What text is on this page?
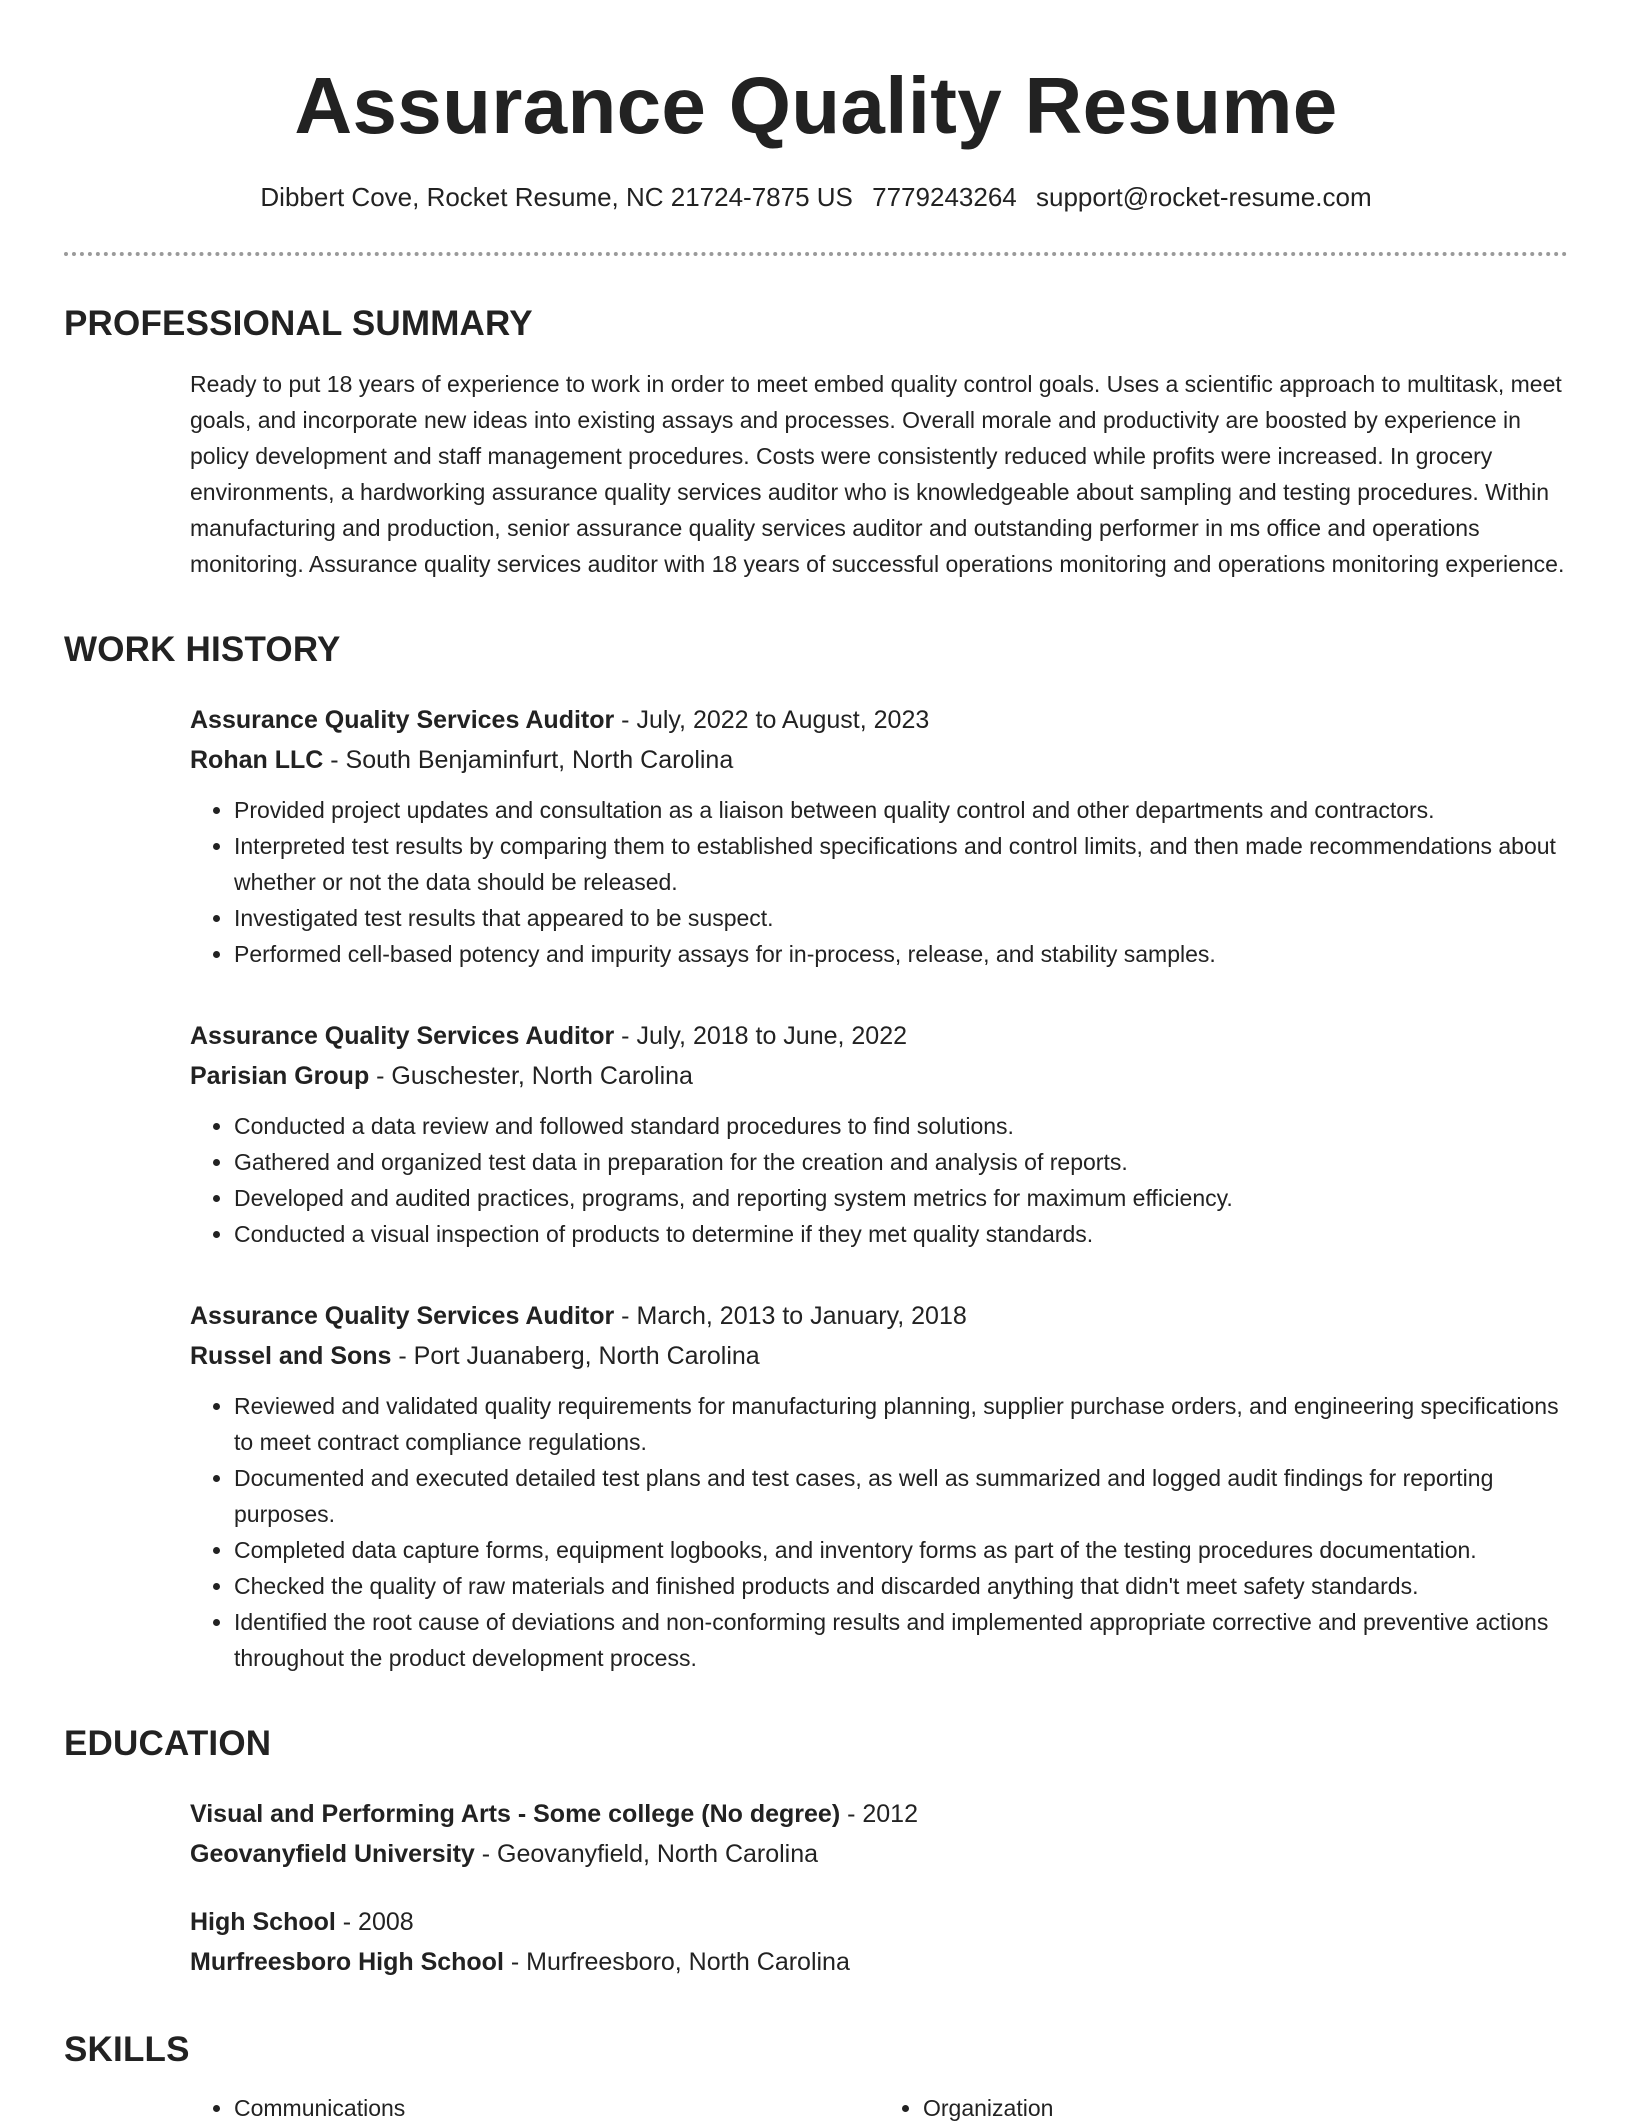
Assurance Quality Resume
Dibbert Cove, Rocket Resume, NC 21724-7875 US 7779243264 support@rocket-resume.com
PROFESSIONAL SUMMARY
Ready to put 18 years of experience to work in order to meet embed quality control goals. Uses a scientific approach to multitask, meet goals, and incorporate new ideas into existing assays and processes. Overall morale and productivity are boosted by experience in policy development and staff management procedures. Costs were consistently reduced while profits were increased. In grocery environments, a hardworking assurance quality services auditor who is knowledgeable about sampling and testing procedures. Within manufacturing and production, senior assurance quality services auditor and outstanding performer in ms office and operations monitoring. Assurance quality services auditor with 18 years of successful operations monitoring and operations monitoring experience.
WORK HISTORY
Assurance Quality Services Auditor - July, 2022 to August, 2023
Rohan LLC - South Benjaminfurt, North Carolina
• Provided project updates and consultation as a liaison between quality control and other departments and contractors.
• Interpreted test results by comparing them to established specifications and control limits, and then made recommendations about whether or not the data should be released.
• Investigated test results that appeared to be suspect.
• Performed cell-based potency and impurity assays for in-process, release, and stability samples.
Assurance Quality Services Auditor - July, 2018 to June, 2022
Parisian Group - Guschester, North Carolina
• Conducted a data review and followed standard procedures to find solutions.
• Gathered and organized test data in preparation for the creation and analysis of reports.
• Developed and audited practices, programs, and reporting system metrics for maximum efficiency.
• Conducted a visual inspection of products to determine if they met quality standards.
Assurance Quality Services Auditor - March, 2013 to January, 2018
Russel and Sons - Port Juanaberg, North Carolina
• Reviewed and validated quality requirements for manufacturing planning, supplier purchase orders, and engineering specifications to meet contract compliance regulations.
• Documented and executed detailed test plans and test cases, as well as summarized and logged audit findings for reporting purposes.
• Completed data capture forms, equipment logbooks, and inventory forms as part of the testing procedures documentation.
• Checked the quality of raw materials and finished products and discarded anything that didn't meet safety standards.
• Identified the root cause of deviations and non-conforming results and implemented appropriate corrective and preventive actions throughout the product development process.
EDUCATION
Visual and Performing Arts - Some college (No degree) - 2012
Geovanyfield University - Geovanyfield, North Carolina
High School - 2008
Murfreesboro High School - Murfreesboro, North Carolina
SKILLS
• Communications
•	Organization
